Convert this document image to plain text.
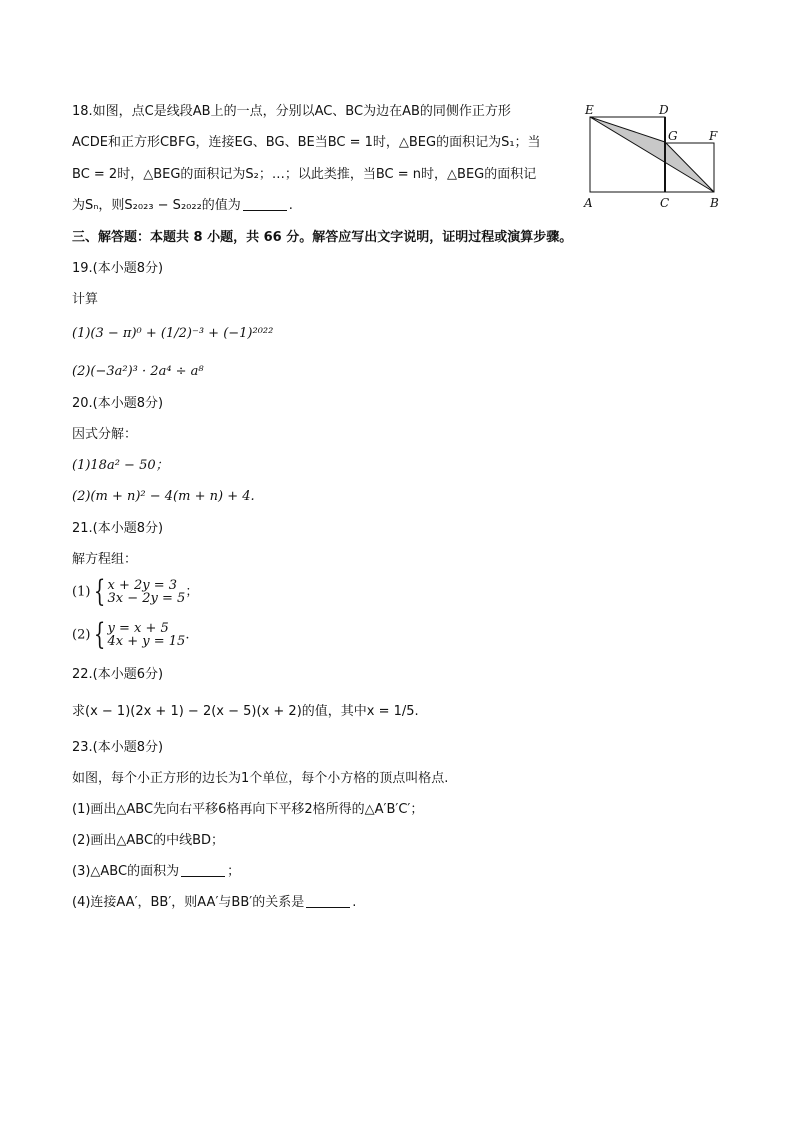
18.如图，点C是线段AB上的一点，分别以AC、BC为边在AB的同侧作正方形
ACDE和正方形CBFG，连接EG、BG、BE当BC = 1时，△BEG的面积记为S₁；当
BC = 2时，△BEG的面积记为S₂；…；以此类推，当BC = n时，△BEG的面积记
为Sₙ，则S₂₀₂₃ − S₂₀₂₂的值为	.
E	D
G	F
A	C	B
三、解答题：本题共 8 小题，共 66 分。解答应写出文字说明，证明过程或演算步骤。
19.(本小题8分)
计算
(1)(3 − π)⁰ + (1/2)⁻³ + (−1)²⁰²²
(2)(−3a²)³ · 2a⁴ ÷ a⁸
20.(本小题8分)
因式分解：
(1)18a² − 50；
(2)(m + n)² − 4(m + n) + 4.
21.(本小题8分)
解方程组：
(1) { x + 2y = 3
3x − 2y = 5 ；
(2) { y = x + 5
4x + y = 15 .
22.(本小题6分)
求(x − 1)(2x + 1) − 2(x − 5)(x + 2)的值，其中x = 1/5.
23.(本小题8分)
如图，每个小正方形的边长为1个单位，每个小方格的顶点叫格点.
(1)画出△ABC先向右平移6格再向下平移2格所得的△A′B′C′；
(2)画出△ABC的中线BD；
(3)△ABC的面积为	；
(4)连接AA′，BB′，则AA′与BB′的关系是	.
